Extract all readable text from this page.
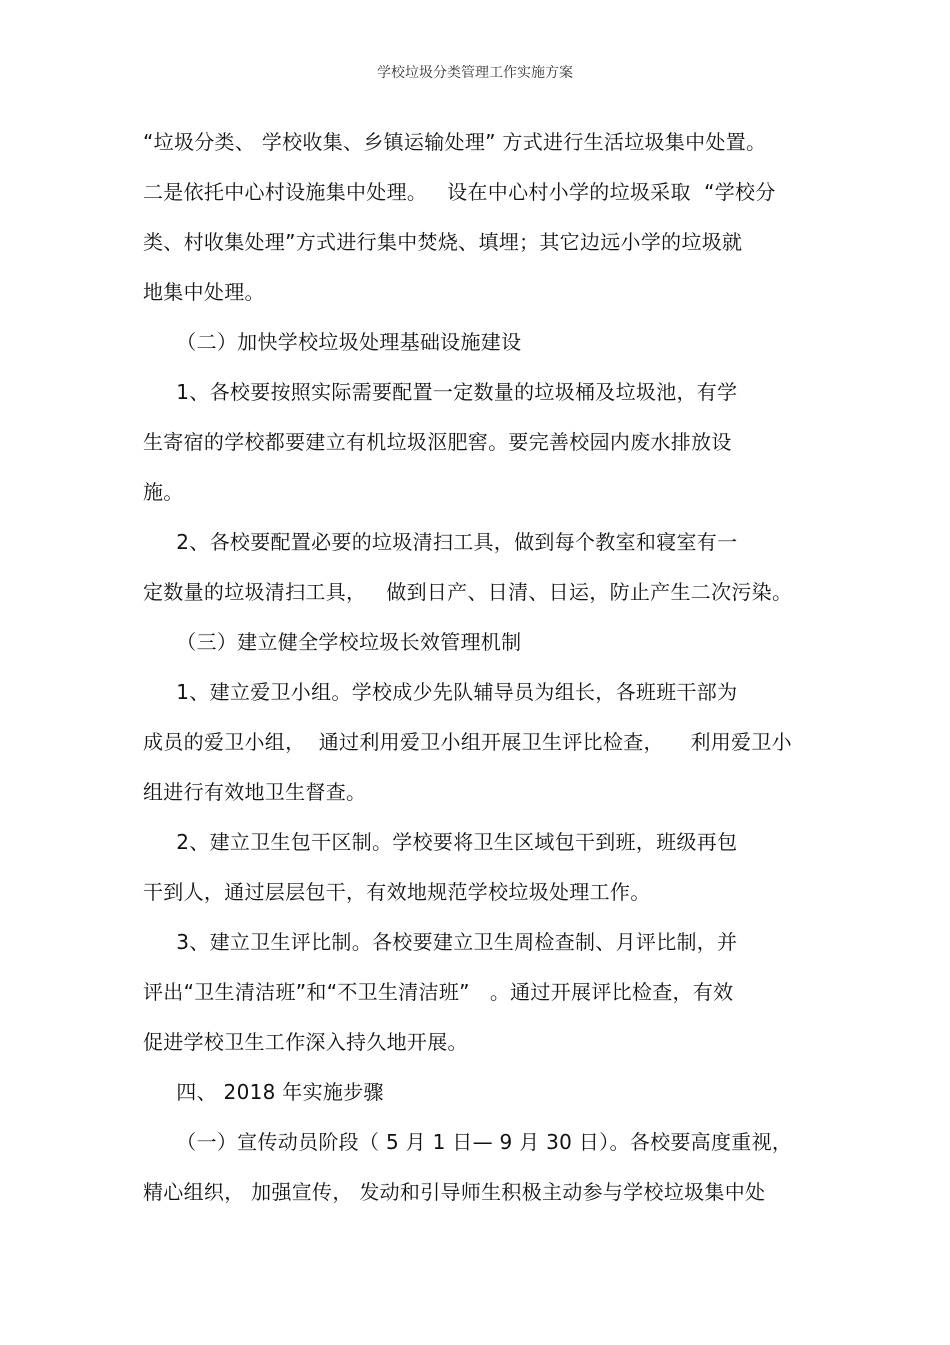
学校垃圾分类管理工作实施方案
“垃圾分类、 学校收集、乡镇运输处理” 方式进行生活垃圾集中处置。
二是依托中心村设施集中处理。   设在中心村小学的垃圾采取  “学校分
类、村收集处理”方式进行集中焚烧、填埋；其它边远小学的垃圾就
地集中处理。
（二）加快学校垃圾处理基础设施建设
1、各校要按照实际需要配置一定数量的垃圾桶及垃圾池，有学
生寄宿的学校都要建立有机垃圾沤肥窖。要完善校园内废水排放设
施。
2、各校要配置必要的垃圾清扫工具，做到每个教室和寝室有一
定数量的垃圾清扫工具，   做到日产、日清、日运，防止产生二次污染。
（三）建立健全学校垃圾长效管理机制
1、建立爱卫小组。学校成少先队辅导员为组长，各班班干部为
成员的爱卫小组，  通过利用爱卫小组开展卫生评比检查，    利用爱卫小
组进行有效地卫生督查。
2、建立卫生包干区制。学校要将卫生区域包干到班，班级再包
干到人，通过层层包干，有效地规范学校垃圾处理工作。
3、建立卫生评比制。各校要建立卫生周检查制、月评比制，并
评出“卫生清洁班”和“不卫生清洁班”   。通过开展评比检查，有效
促进学校卫生工作深入持久地开展。
四、 2018 年实施步骤
（一）宣传动员阶段（ 5 月 1 日— 9 月 30 日）。各校要高度重视，
精心组织， 加强宣传， 发动和引导师生积极主动参与学校垃圾集中处
